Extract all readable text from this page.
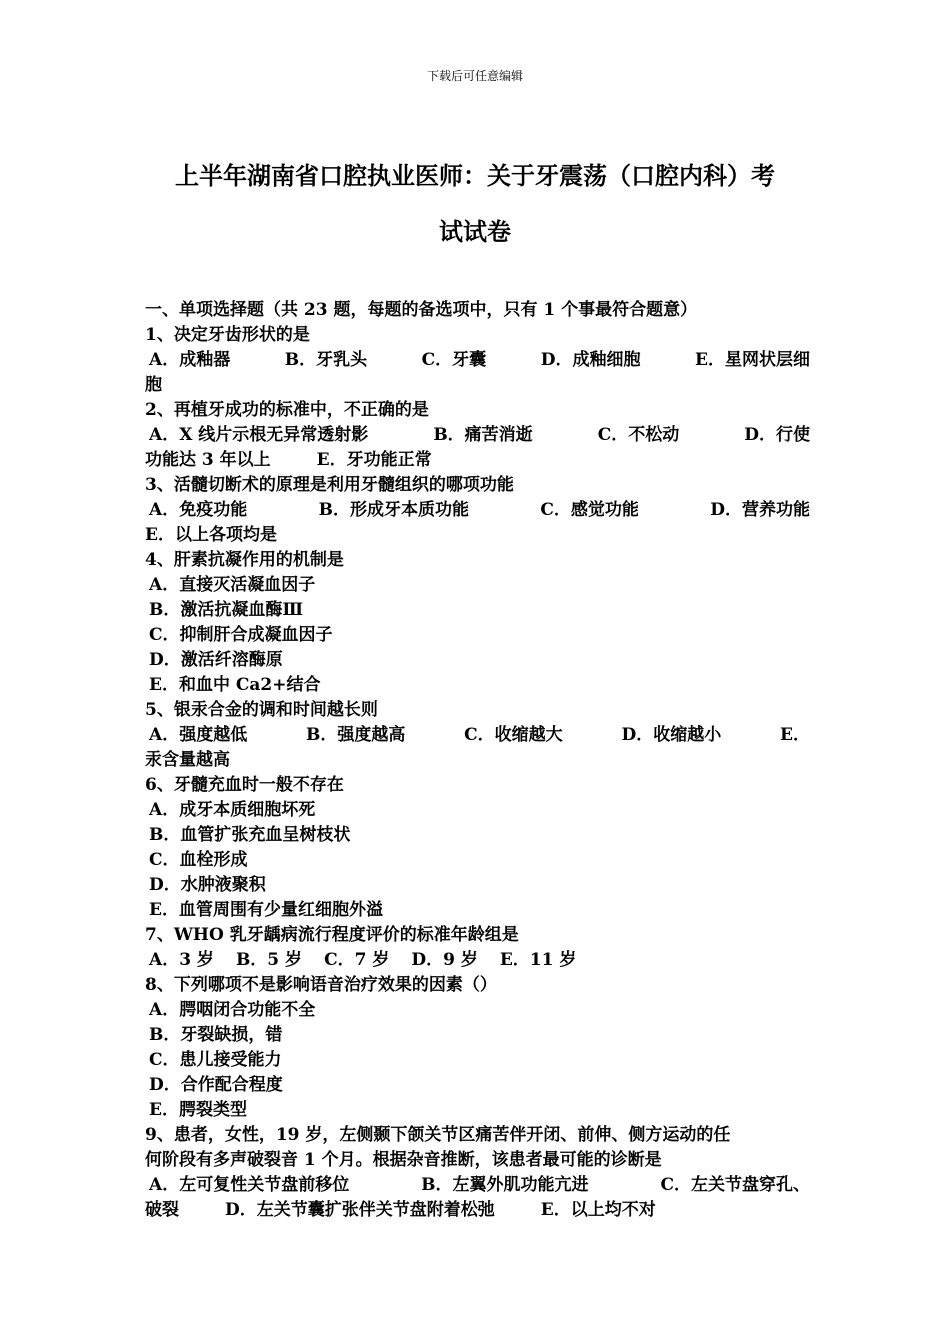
下载后可任意编辑
上半年湖南省口腔执业医师：关于牙震荡（口腔内科）考
试试卷
一、单项选择题（共 23 题，每题的备选项中，只有 1 个事最符合题意）
1、决定牙齿形状的是
A．成釉器	B．牙乳头	C．牙囊	D．成釉细胞	E．星网状层细
胞
2、再植牙成功的标准中，不正确的是
A．X 线片示根无异常透射影	B．痛苦消逝	C．不松动	D．行使
功能达 3 年以上	E．牙功能正常
3、活髓切断术的原理是利用牙髓组织的哪项功能
A．免疫功能	B．形成牙本质功能	C．感觉功能	D．营养功能
E．以上各项均是
4、肝素抗凝作用的机制是
A．直接灭活凝血因子
B．激活抗凝血酶Ⅲ
C．抑制肝合成凝血因子
D．激活纤溶酶原
E．和血中 Ca2+结合
5、银汞合金的调和时间越长则
A．强度越低	B．强度越高	C．收缩越大	D．收缩越小	E．
汞含量越高
6、牙髓充血时一般不存在
A．成牙本质细胞坏死
B．血管扩张充血呈树枝状
C．血栓形成
D．水肿液聚积
E．血管周围有少量红细胞外溢
7、WHO 乳牙龋病流行程度评价的标准年龄组是
A．3 岁 B．5 岁 C．7 岁 D．9 岁 E．11 岁
8、下列哪项不是影响语音治疗效果的因素（）
A．腭咽闭合功能不全
B．牙裂缺损，错
C．患儿接受能力
D．合作配合程度
E．腭裂类型
9、患者，女性，19 岁，左侧颞下颌关节区痛苦伴开闭、前伸、侧方运动的任
何阶段有多声破裂音 1 个月。根据杂音推断，该患者最可能的诊断是
A．左可复性关节盘前移位	B．左翼外肌功能亢进	C．左关节盘穿孔、
破裂	D．左关节囊扩张伴关节盘附着松弛	E．以上均不对
